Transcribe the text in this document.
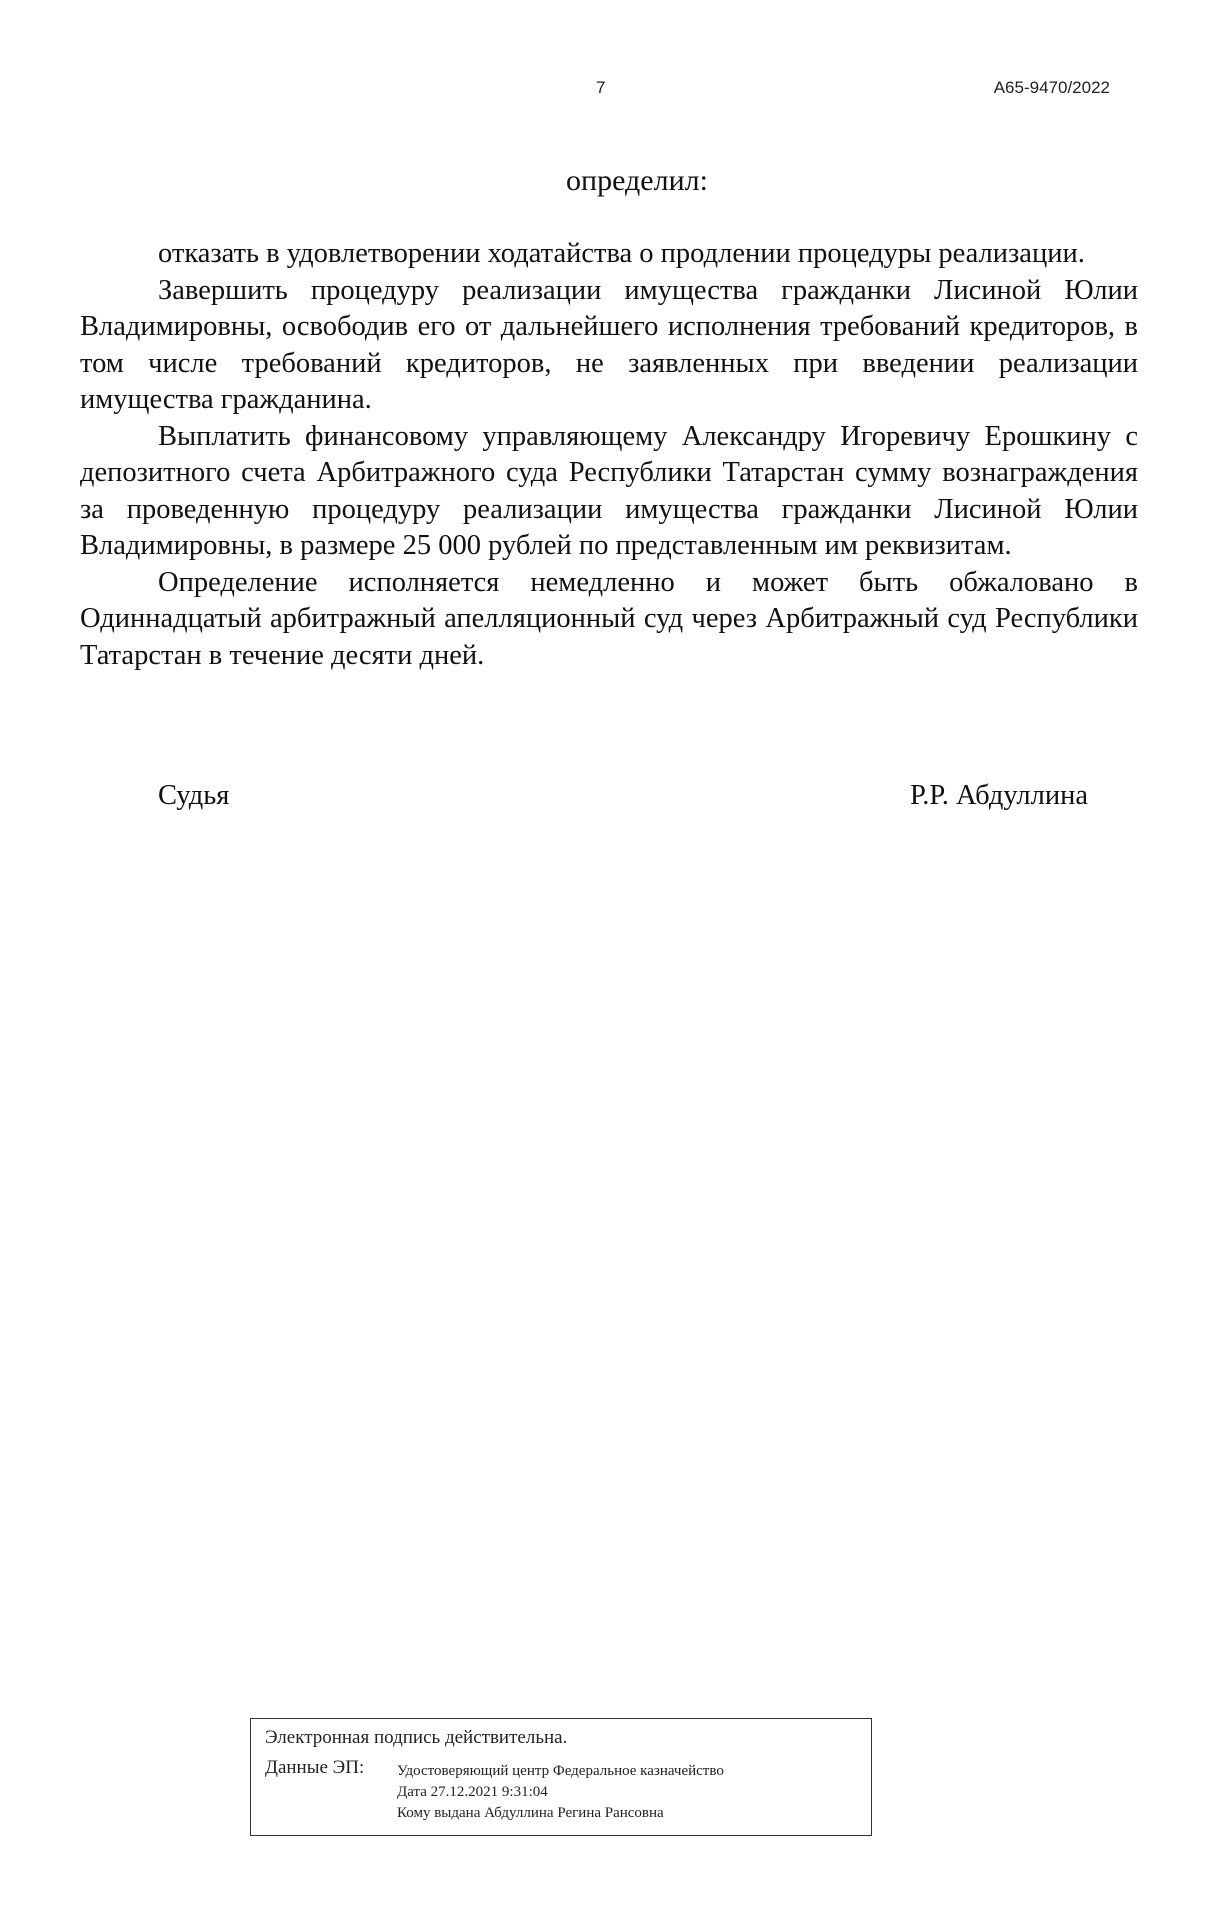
7	А65-9470/2022
определил:

отказать в удовлетворении ходатайства о продлении процедуры реализации.

Завершить процедуру реализации имущества гражданки Лисиной Юлии Владимировны, освободив его от дальнейшего исполнения требований кредиторов, в том числе требований кредиторов, не заявленных при введении реализации имущества гражданина.

Выплатить финансовому управляющему Александру Игоревичу Ерошкину с депозитного счета Арбитражного суда Республики Татарстан сумму вознаграждения за проведенную процедуру реализации имущества гражданки Лисиной Юлии Владимировны, в размере 25 000 рублей по представленным им реквизитам.

Определение исполняется немедленно и может быть обжаловано в Одиннадцатый арбитражный апелляционный суд через Арбитражный суд Республики Татарстан в течение десяти дней.

Судья	Р.Р. Абдуллина
Электронная подпись действительна.
Данные ЭП: Удостоверяющий центр Федеральное казначейство
Дата 27.12.2021 9:31:04
Кому выдана Абдуллина Регина Рансовна
